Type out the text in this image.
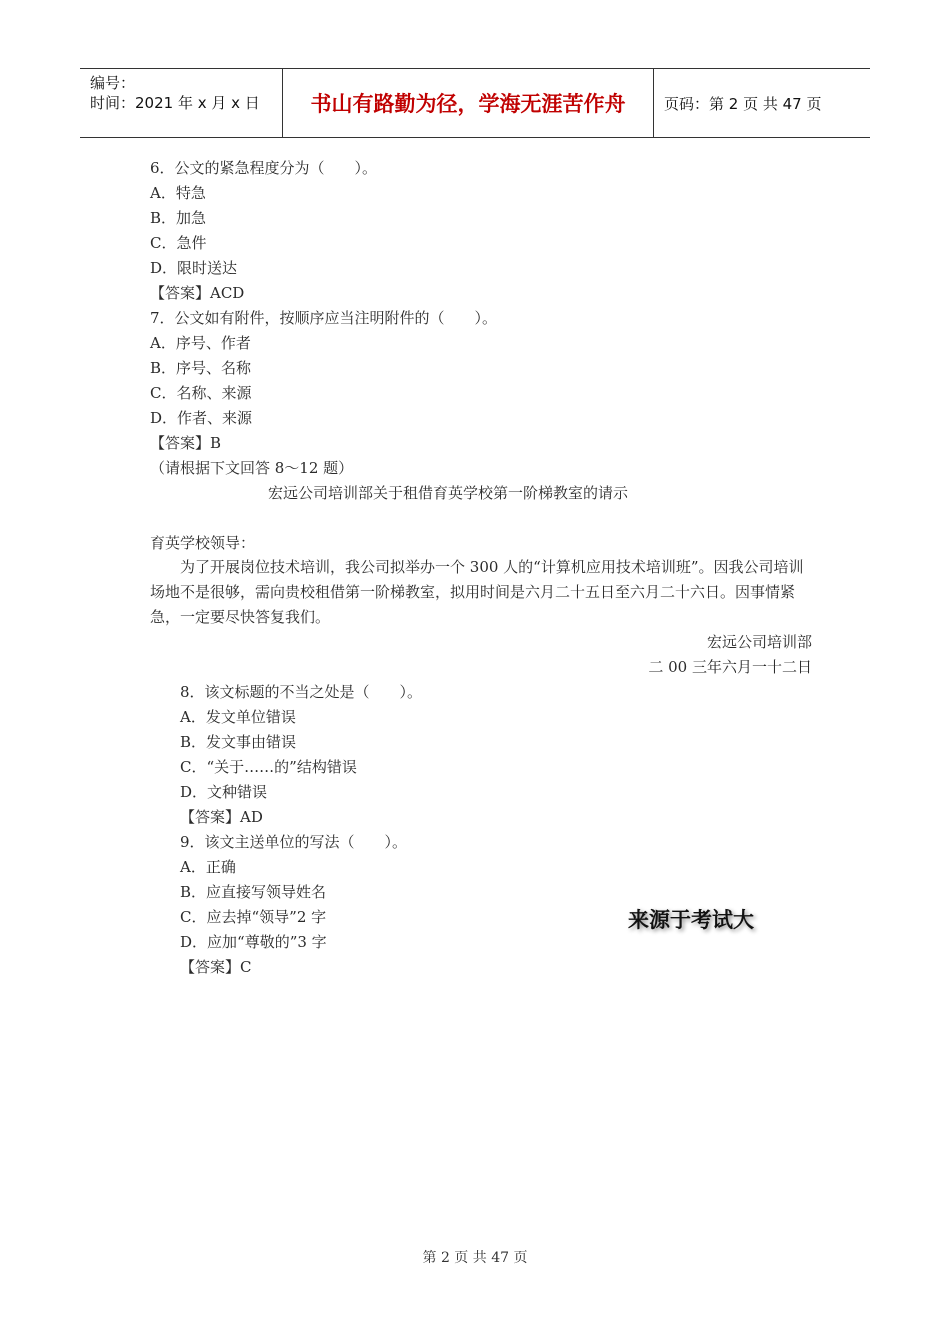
编号：
时间：2021 年 x 月 x 日	书山有路勤为径，学海无涯苦作舟	页码：第 2 页 共 47 页
6．公文的紧急程度分为（　　）。
A．特急
B．加急
C．急件
D．限时送达
【答案】ACD
7．公文如有附件，按顺序应当注明附件的（　　）。
A．序号、作者
B．序号、名称
C．名称、来源
D．作者、来源
【答案】B
（请根据下文回答 8～12 题）
宏远公司培训部关于租借育英学校第一阶梯教室的请示
育英学校领导：
为了开展岗位技术培训，我公司拟举办一个 300 人的“计算机应用技术培训班”。因我公司培训场地不是很够，需向贵校租借第一阶梯教室，拟用时间是六月二十五日至六月二十六日。因事情紧急，一定要尽快答复我们。
宏远公司培训部
二 00 三年六月一十二日
8．该文标题的不当之处是（　　）。
A．发文单位错误
B．发文事由错误
C．“关于……的”结构错误
D．文种错误
【答案】AD
9．该文主送单位的写法（　　）。
A．正确
B．应直接写领导姓名
C．应去掉“领导”2 字
D．应加“尊敬的”3 字
【答案】C
来源于考试大
第 2 页 共 47 页
